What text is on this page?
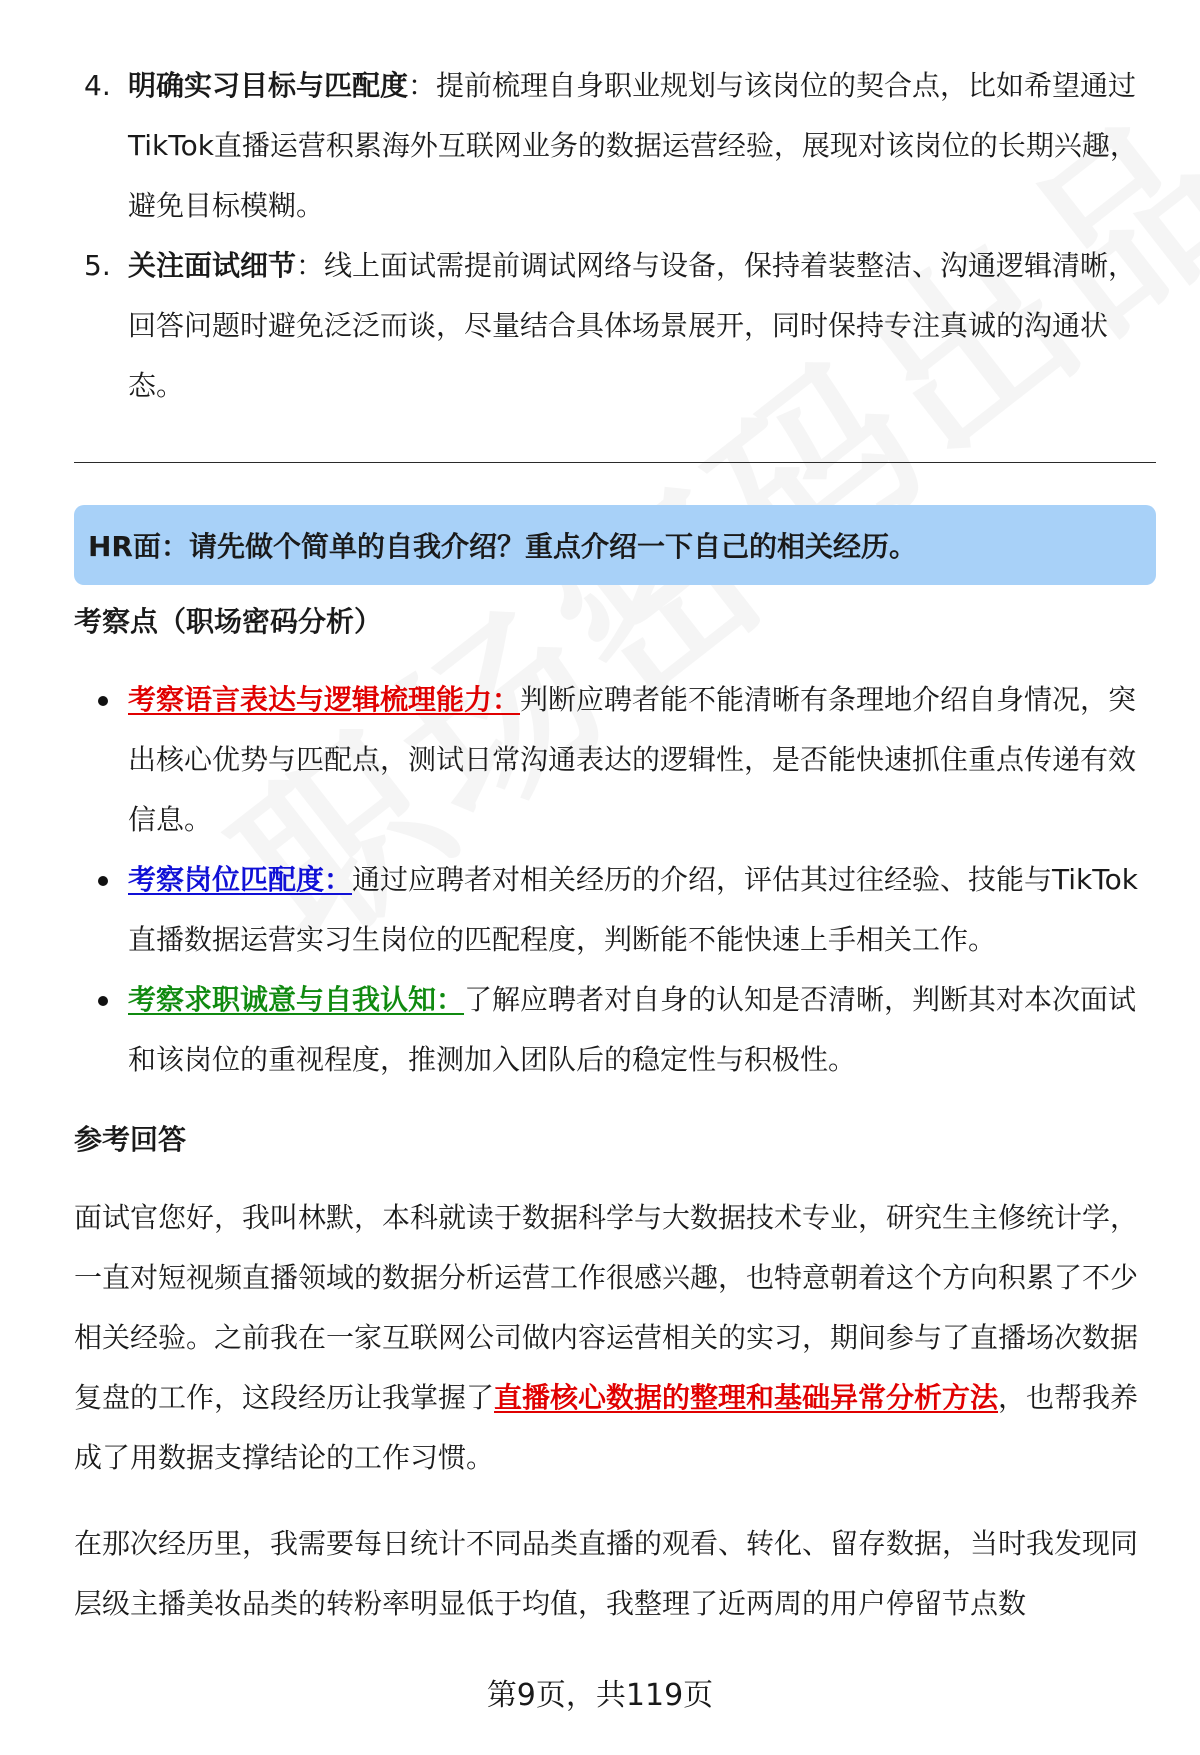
4. 明确实习目标与匹配度：提前梳理自身职业规划与该岗位的契合点，比如希望通过TikTok直播运营积累海外互联网业务的数据运营经验，展现对该岗位的长期兴趣，避免目标模糊。
5. 关注面试细节：线上面试需提前调试网络与设备，保持着装整洁、沟通逻辑清晰，回答问题时避免泛泛而谈，尽量结合具体场景展开，同时保持专注真诚的沟通状态。
HR面：请先做个简单的自我介绍？重点介绍一下自己的相关经历。
考察点（职场密码分析）
考察语言表达与逻辑梳理能力：判断应聘者能不能清晰有条理地介绍自身情况，突出核心优势与匹配点，测试日常沟通表达的逻辑性，是否能快速抓住重点传递有效信息。
考察岗位匹配度：通过应聘者对相关经历的介绍，评估其过往经验、技能与TikTok直播数据运营实习生岗位的匹配程度，判断能不能快速上手相关工作。
考察求职诚意与自我认知：了解应聘者对自身的认知是否清晰，判断其对本次面试和该岗位的重视程度，推测加入团队后的稳定性与积极性。
参考回答

面试官您好，我叫林默，本科就读于数据科学与大数据技术专业，研究生主修统计学，一直对短视频直播领域的数据分析运营工作很感兴趣，也特意朝着这个方向积累了不少相关经验。之前我在一家互联网公司做内容运营相关的实习，期间参与了直播场次数据复盘的工作，这段经历让我掌握了直播核心数据的整理和基础异常分析方法，也帮我养成了用数据支撑结论的工作习惯。

在那次经历里，我需要每日统计不同品类直播的观看、转化、留存数据，当时我发现同层级主播美妆品类的转粉率明显低于均值，我整理了近两周的用户停留节点数

第9页，共119页
